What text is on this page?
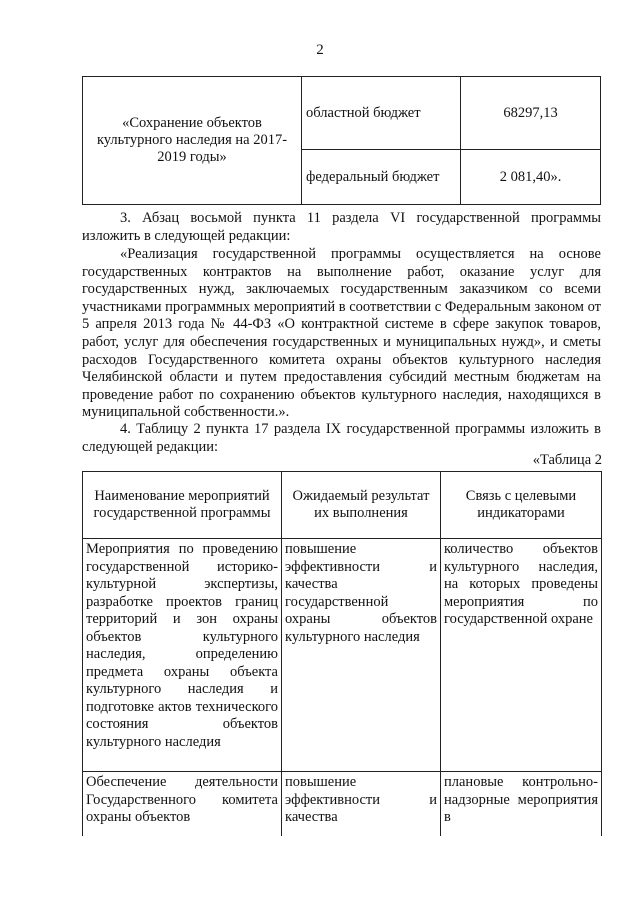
2
«Сохранение объектов культурного наследия на 2017-2019 годы»	областной бюджет	68297,13
	федеральный бюджет	2 081,40».

3. Абзац восьмой пункта 11 раздела VI государственной программы изложить в следующей редакции:

«Реализация государственной программы осуществляется на основе государственных контрактов на выполнение работ, оказание услуг для государственных нужд, заключаемых государственным заказчиком со всеми участниками программных мероприятий в соответствии с Федеральным законом от 5 апреля 2013 года № 44-ФЗ «О контрактной системе в сфере закупок товаров, работ, услуг для обеспечения государственных и муниципальных нужд», и сметы расходов Государственного комитета охраны объектов культурного наследия Челябинской области и путем предоставления субсидий местным бюджетам на проведение работ по сохранению объектов культурного наследия, находящихся в муниципальной собственности.».

4. Таблицу 2 пункта 17 раздела IX государственной программы изложить в следующей редакции:

«Таблица 2
Наименование мероприятий государственной программы	Ожидаемый результат их выполнения	Связь с целевыми индикаторами
Мероприятия по проведению государственной историко-культурной экспертизы, разработке проектов границ территорий и зон охраны объектов культурного наследия, определению предмета охраны объекта культурного наследия и подготовке актов технического состояния объектов культурного наследия	повышение эффективности и качества государственной охраны объектов культурного наследия	количество объектов культурного наследия, на которых проведены мероприятия по государственной охране
Обеспечение деятельности Государственного комитета охраны объектов	повышение эффективности и качества	плановые контрольно-надзорные мероприятия в
